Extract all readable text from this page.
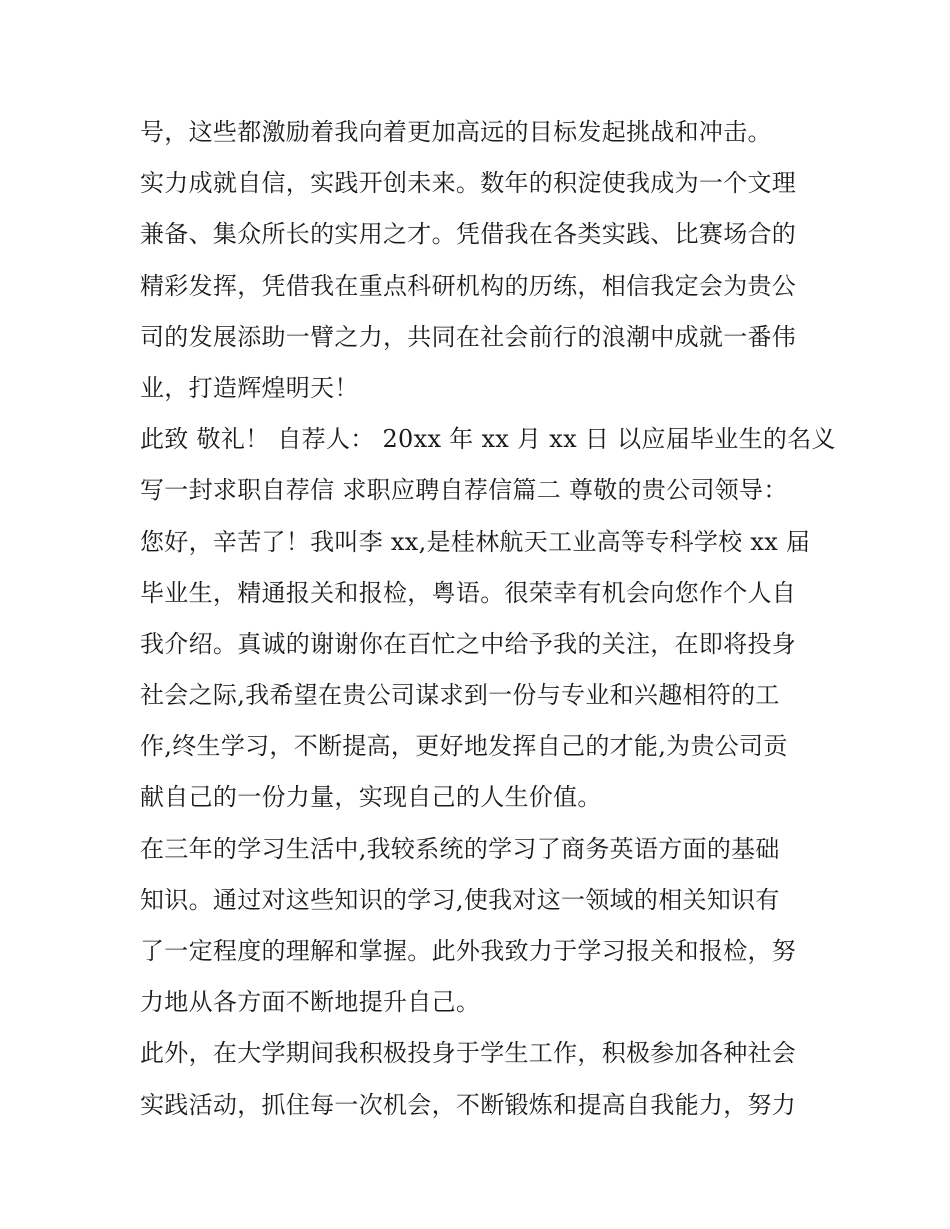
号，这些都激励着我向着更加高远的目标发起挑战和冲击。
实力成就自信，实践开创未来。数年的积淀使我成为一个文理
兼备、集众所长的实用之才。凭借我在各类实践、比赛场合的
精彩发挥，凭借我在重点科研机构的历练，相信我定会为贵公
司的发展添助一臂之力，共同在社会前行的浪潮中成就一番伟
业，打造辉煌明天！
此致 敬礼！ 自荐人： 20xx 年 xx 月 xx 日 以应届毕业生的名义
写一封求职自荐信 求职应聘自荐信篇二 尊敬的贵公司领导：
您好，辛苦了！我叫李 xx,是桂林航天工业高等专科学校 xx 届
毕业生，精通报关和报检，粤语。很荣幸有机会向您作个人自
我介绍。真诚的谢谢你在百忙之中给予我的关注，在即将投身
社会之际,我希望在贵公司谋求到一份与专业和兴趣相符的工
作,终生学习，不断提高，更好地发挥自己的才能,为贵公司贡
献自己的一份力量，实现自己的人生价值。
在三年的学习生活中,我较系统的学习了商务英语方面的基础
知识。通过对这些知识的学习,使我对这一领域的相关知识有
了一定程度的理解和掌握。此外我致力于学习报关和报检，努
力地从各方面不断地提升自己。
此外，在大学期间我积极投身于学生工作，积极参加各种社会
实践活动，抓住每一次机会，不断锻炼和提高自我能力，努力
